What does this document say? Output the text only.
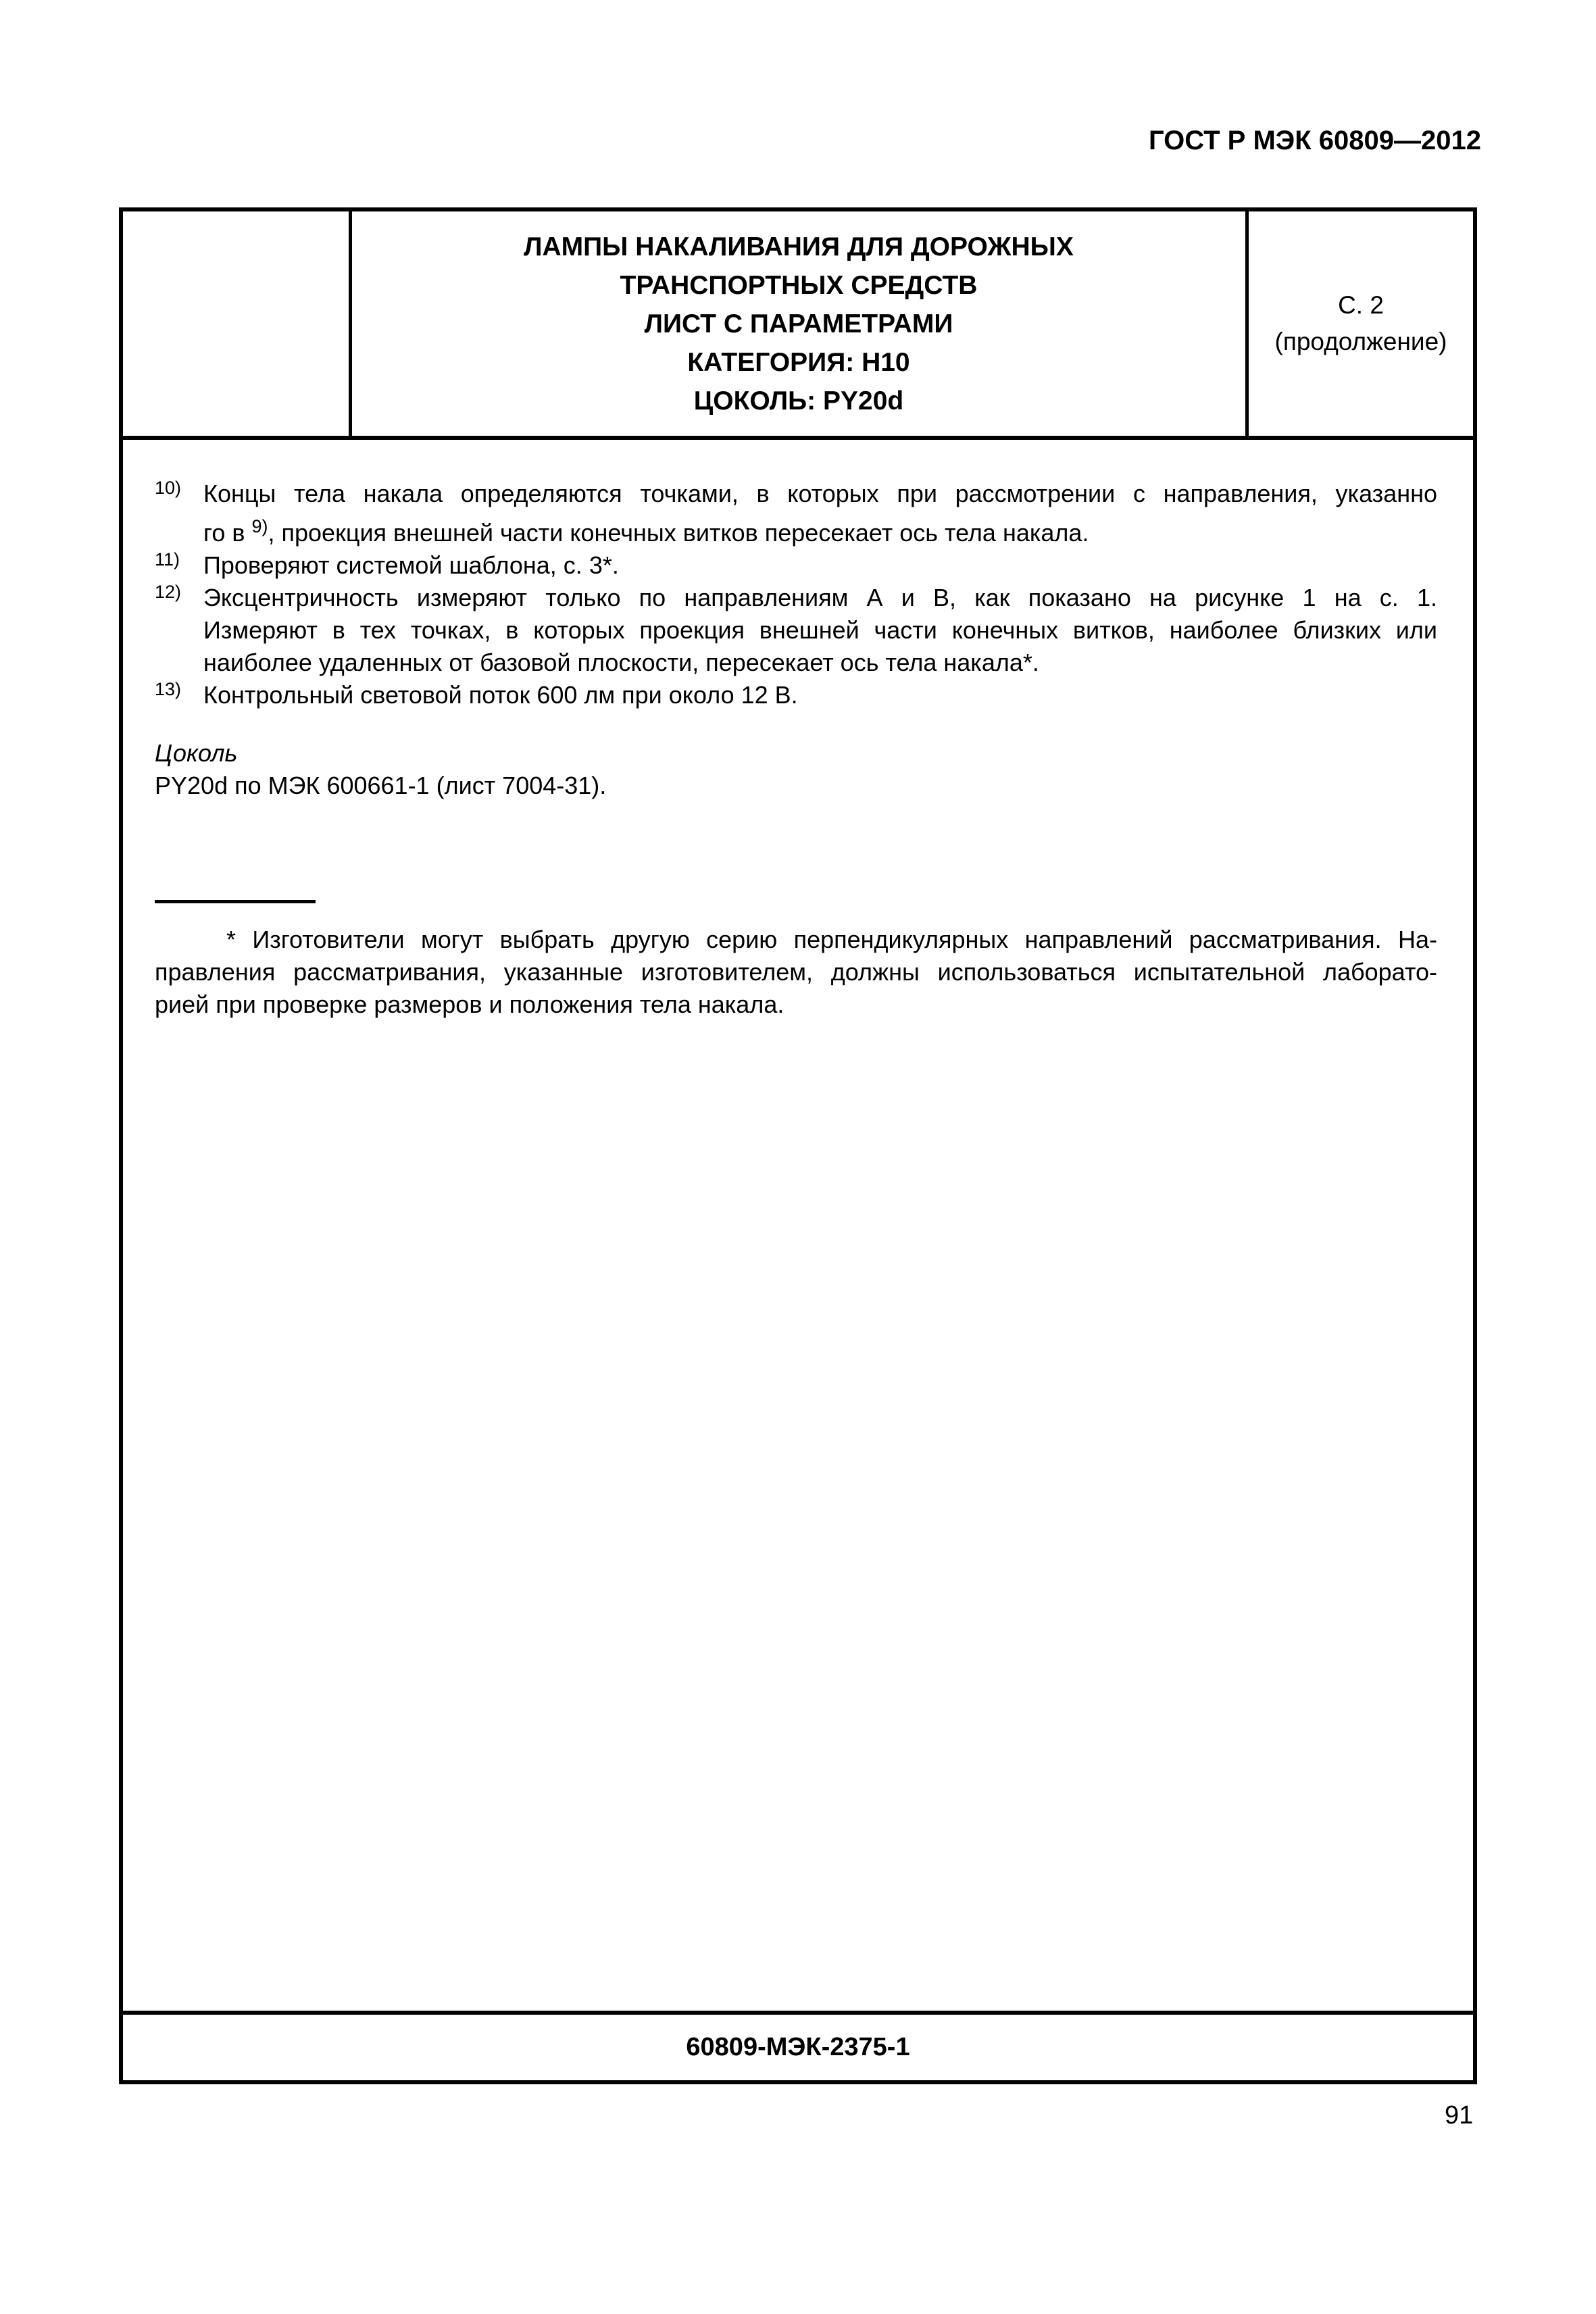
ГОСТ Р МЭК 60809—2012
ЛАМПЫ НАКАЛИВАНИЯ ДЛЯ ДОРОЖНЫХ
ТРАНСПОРТНЫХ СРЕДСТВ
ЛИСТ С ПАРАМЕТРАМИ
КАТЕГОРИЯ: H10
ЦОКОЛЬ: PY20d
С. 2
(продолжение)
10) Концы тела накала определяются точками, в которых при рассмотрении с направления, указанно
го в $^{9)}$, проекция внешней части конечных витков пересекает ось тела накала.
11) Проверяют системой шаблона, с. 3*.
12) Эксцентричность измеряют только по направлениям А и В, как показано на рисунке 1 на с. 1.
Измеряют в тех точках, в которых проекция внешней части конечных витков, наиболее близких или
наиболее удаленных от базовой плоскости, пересекает ось тела накала*.
13) Контрольный световой поток 600 лм при около 12 В.
Цоколь
PY20d по МЭК 600661-1 (лист 7004-31).
* Изготовители могут выбрать другую серию перпендикулярных направлений рассматривания. На-
правления рассматривания, указанные изготовителем, должны использоваться испытательной лаборато-
рией при проверке размеров и положения тела накала.
60809-МЭК-2375-1
91
